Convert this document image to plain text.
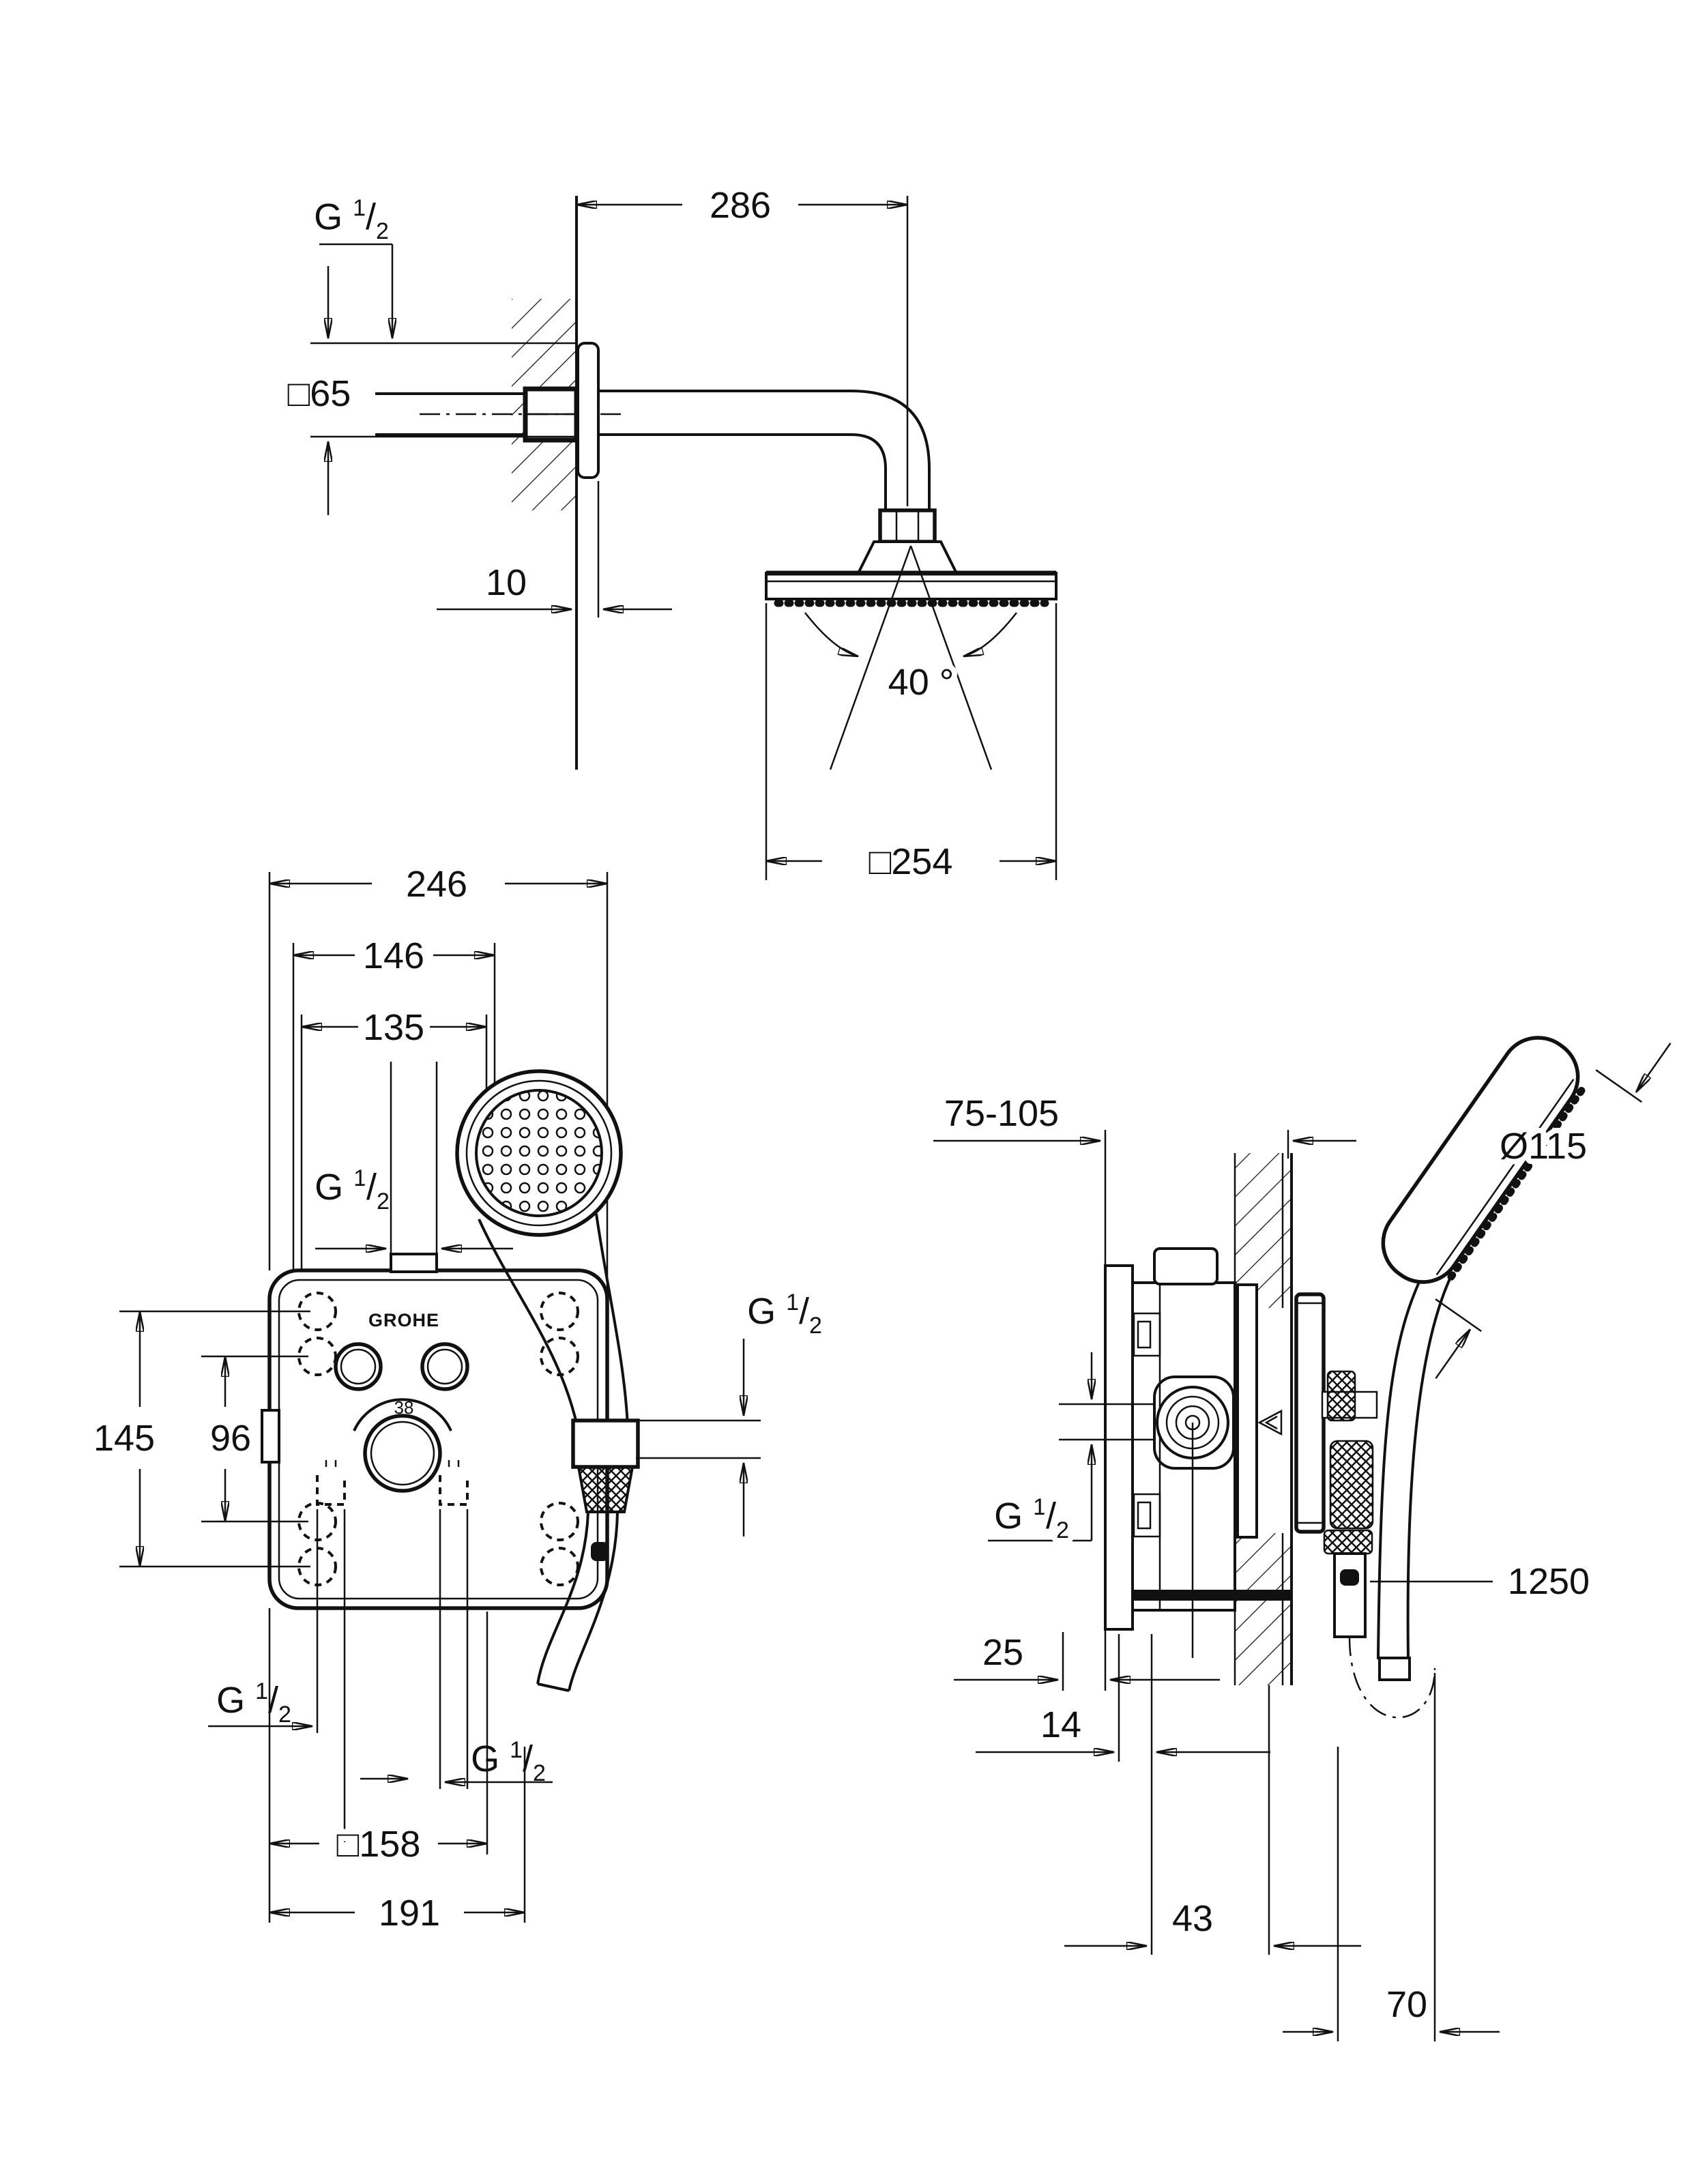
G $^1/_2$
□65
10
286
40 °
□254
246
146
135
G $^1/_2$
GROHE
38
145 96
G $^1/_2$
G $^1/_2$
G $^1/_2$
□158
191
Ø115
75-105
G $^1/_2$
1250
25
14
43
70
